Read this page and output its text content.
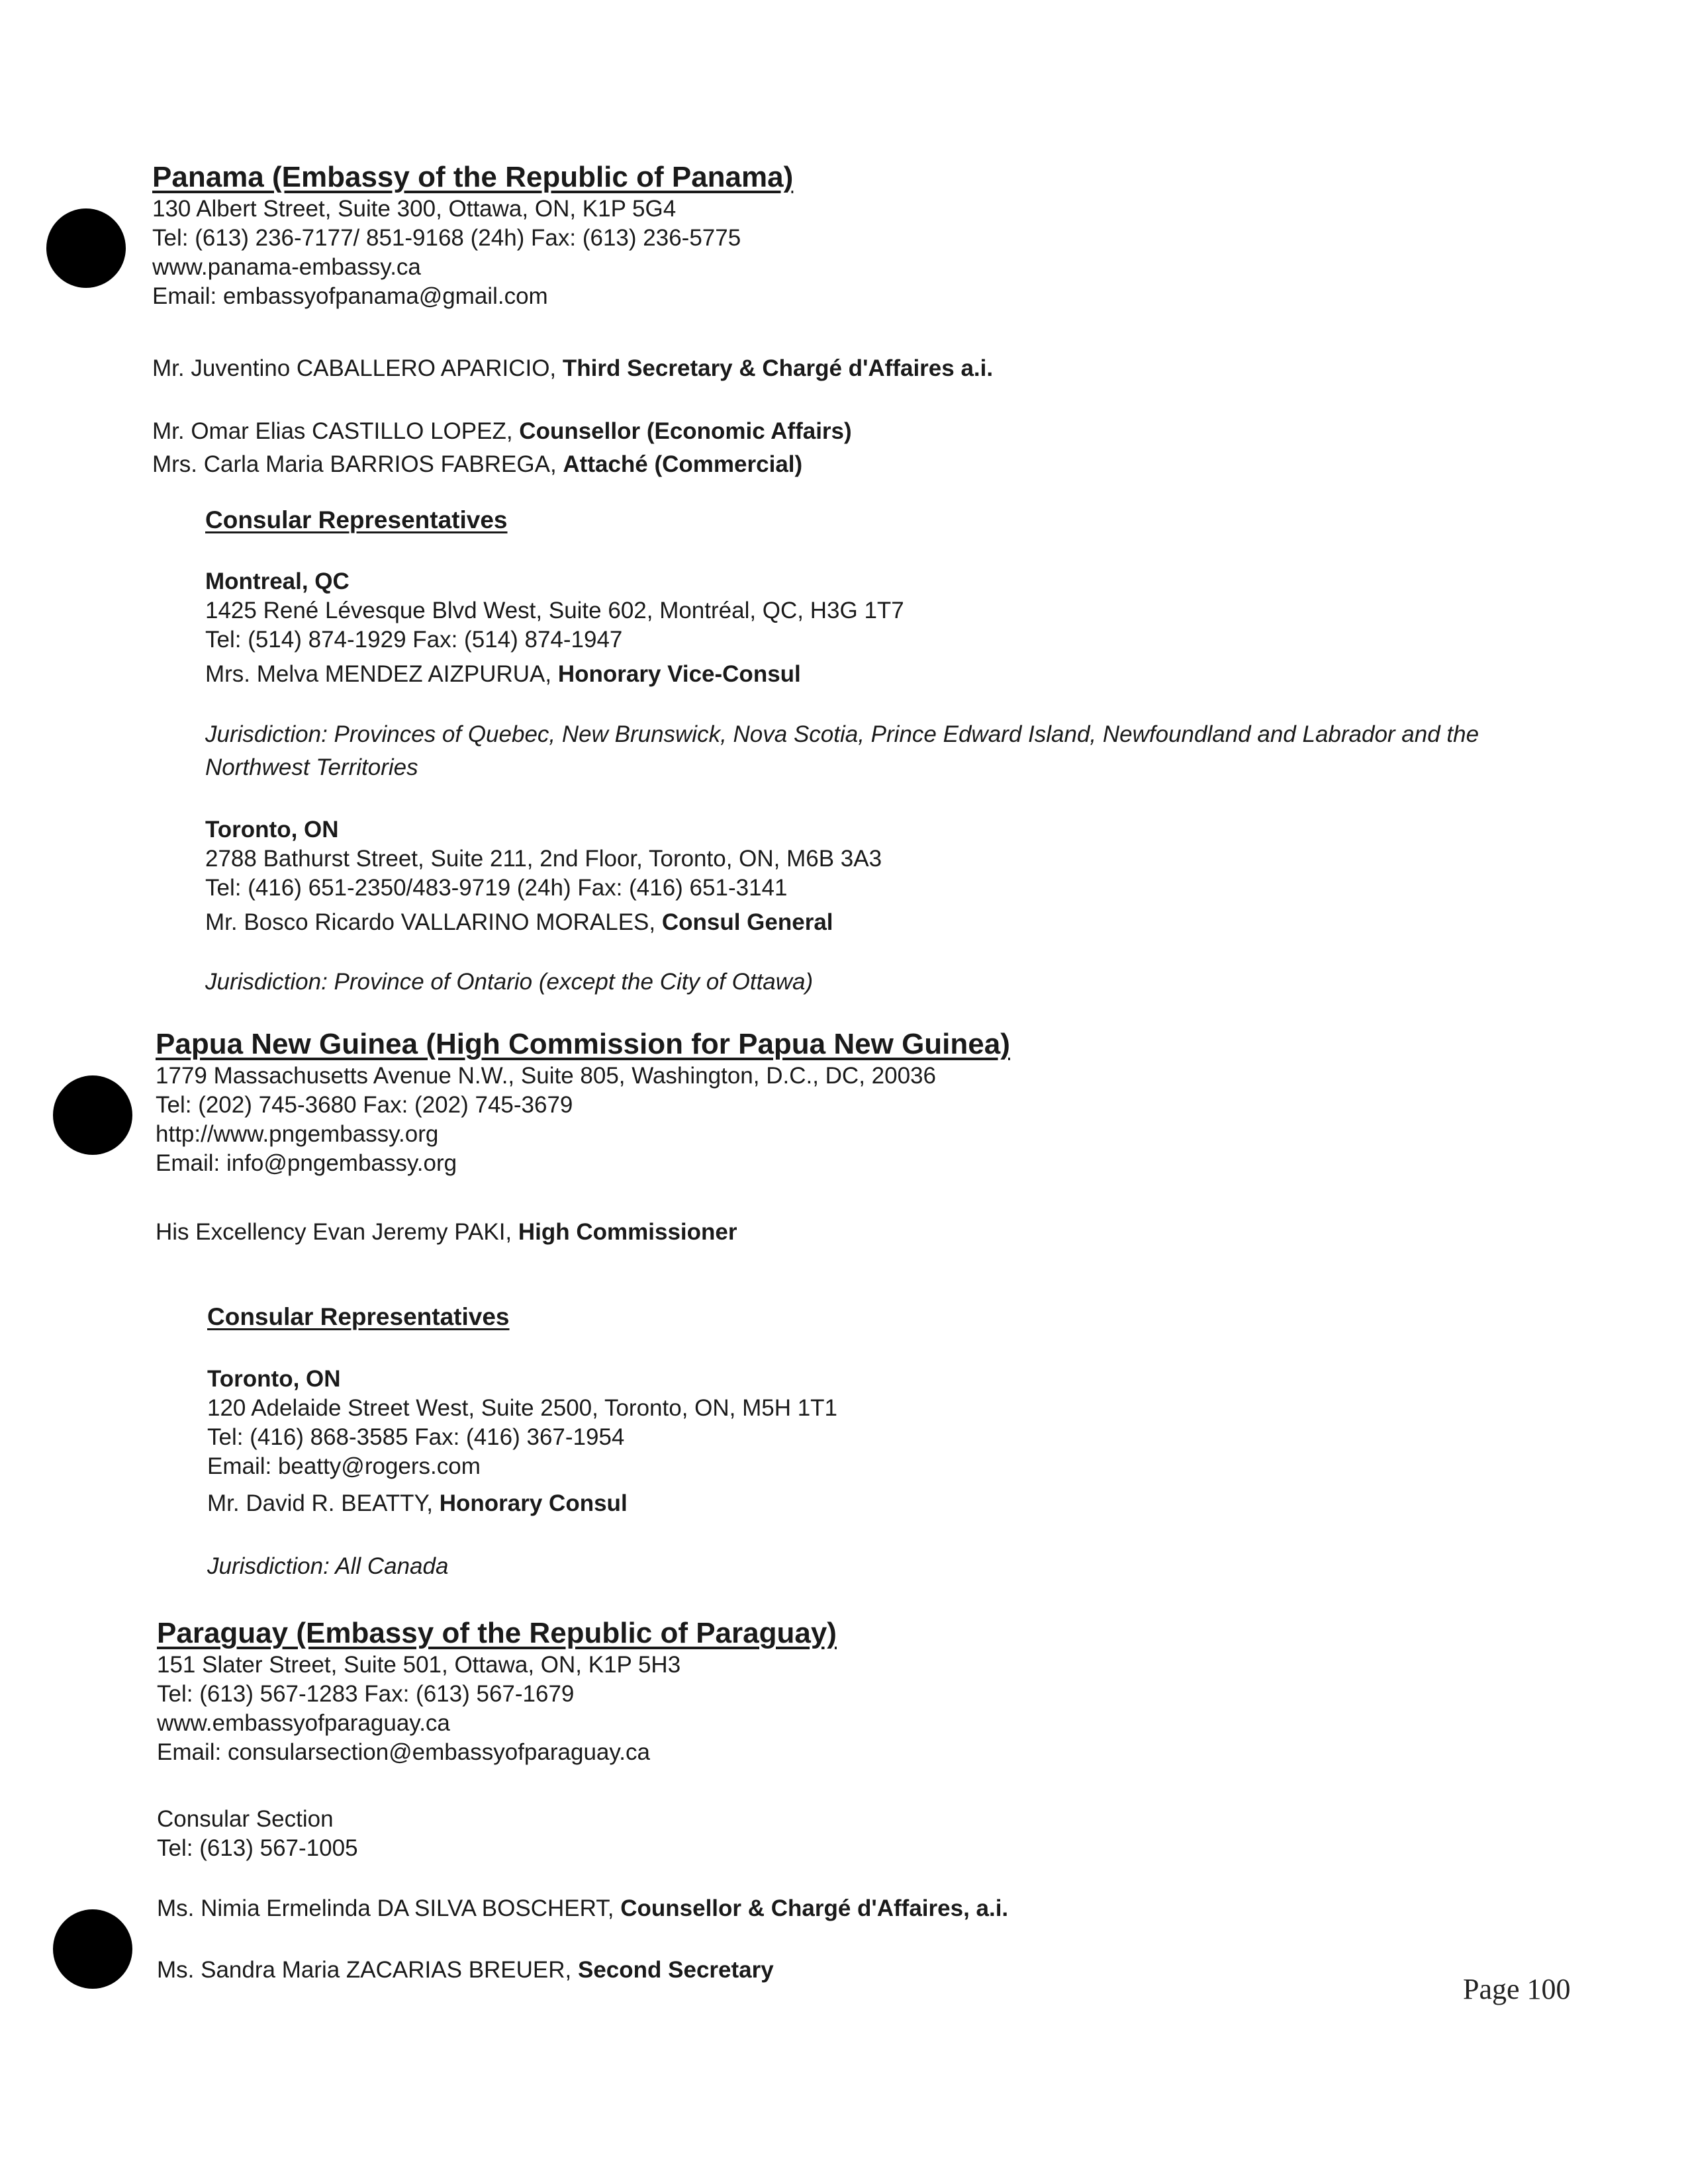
Panama (Embassy of the Republic of Panama)
130 Albert Street, Suite 300, Ottawa, ON, K1P 5G4
Tel: (613) 236-7177/ 851-9168 (24h) Fax: (613) 236-5775
www.panama-embassy.ca
Email: embassyofpanama@gmail.com
Mr. Juventino CABALLERO APARICIO, Third Secretary & Chargé d'Affaires a.i.
Mr. Omar Elias CASTILLO LOPEZ, Counsellor (Economic Affairs)
Mrs. Carla Maria BARRIOS FABREGA, Attaché (Commercial)
Consular Representatives
Montreal, QC
1425 René Lévesque Blvd West, Suite 602, Montréal, QC, H3G 1T7
Tel: (514) 874-1929 Fax: (514) 874-1947
Mrs. Melva MENDEZ AIZPURUA, Honorary Vice-Consul
Jurisdiction: Provinces of Quebec, New Brunswick, Nova Scotia, Prince Edward Island, Newfoundland and Labrador and the Northwest Territories
Toronto, ON
2788 Bathurst Street, Suite 211, 2nd Floor, Toronto, ON, M6B 3A3
Tel: (416) 651-2350/483-9719 (24h) Fax: (416) 651-3141
Mr. Bosco Ricardo VALLARINO MORALES, Consul General
Jurisdiction: Province of Ontario (except the City of Ottawa)
Papua New Guinea (High Commission for Papua New Guinea)
1779 Massachusetts Avenue N.W., Suite 805, Washington, D.C., DC, 20036
Tel: (202) 745-3680 Fax: (202) 745-3679
http://www.pngembassy.org
Email: info@pngembassy.org
His Excellency Evan Jeremy PAKI, High Commissioner
Consular Representatives
Toronto, ON
120 Adelaide Street West, Suite 2500, Toronto, ON, M5H 1T1
Tel: (416) 868-3585 Fax: (416) 367-1954
Email: beatty@rogers.com
Mr. David R. BEATTY, Honorary Consul
Jurisdiction: All Canada
Paraguay (Embassy of the Republic of Paraguay)
151 Slater Street, Suite 501, Ottawa, ON, K1P 5H3
Tel: (613) 567-1283 Fax: (613) 567-1679
www.embassyofparaguay.ca
Email: consularsection@embassyofparaguay.ca
Consular Section
Tel: (613) 567-1005
Ms. Nimia Ermelinda DA SILVA BOSCHERT, Counsellor & Chargé d'Affaires, a.i.
Ms. Sandra Maria ZACARIAS BREUER, Second Secretary
Page 100
